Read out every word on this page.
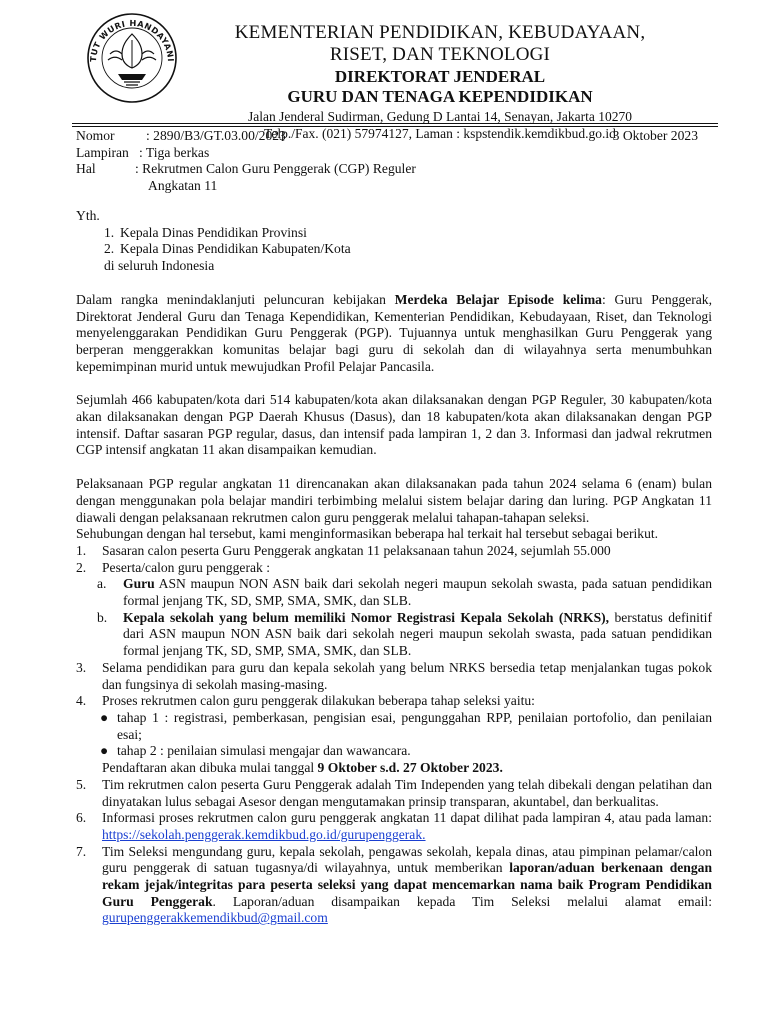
TUT WURI HANDAYANI
KEMENTERIAN PENDIDIKAN, KEBUDAYAAN,
RISET, DAN TEKNOLOGI
DIREKTORAT JENDERAL
GURU DAN TENAGA KEPENDIDIKAN
Jalan Jenderal Sudirman, Gedung D Lantai 14, Senayan, Jakarta 10270
Telp./Fax. (021) 57974127, Laman : kspstendik.kemdikbud.go.id
Nomor	: 2890/B3/GT.03.00/2023	3 Oktober 2023
Lampiran : Tiga berkas
Hal	: Rekrutmen Calon Guru Penggerak (CGP) Reguler
Angkatan 11
Yth.
1. Kepala Dinas Pendidikan Provinsi
2. Kepala Dinas Pendidikan Kabupaten/Kota
di seluruh Indonesia

Dalam rangka menindaklanjuti peluncuran kebijakan Merdeka Belajar Episode kelima: Guru Penggerak, Direktorat Jenderal Guru dan Tenaga Kependidikan, Kementerian Pendidikan, Kebudayaan, Riset, dan Teknologi menyelenggarakan Pendidikan Guru Penggerak (PGP). Tujuannya untuk menghasilkan Guru Penggerak yang berperan menggerakkan komunitas belajar bagi guru di sekolah dan di wilayahnya serta menumbuhkan kepemimpinan murid untuk mewujudkan Profil Pelajar Pancasila.

Sejumlah 466 kabupaten/kota dari 514 kabupaten/kota akan dilaksanakan dengan PGP Reguler, 30 kabupaten/kota akan dilaksanakan dengan PGP Daerah Khusus (Dasus), dan 18 kabupaten/kota akan dilaksanakan dengan PGP intensif. Daftar sasaran PGP regular, dasus, dan intensif pada lampiran 1, 2 dan 3. Informasi dan jadwal rekrutmen CGP intensif angkatan 11 akan disampaikan kemudian.

Pelaksanaan PGP regular angkatan 11 direncanakan akan dilaksanakan pada tahun 2024 selama 6 (enam) bulan dengan menggunakan pola belajar mandiri terbimbing melalui sistem belajar daring dan luring. PGP Angkatan 11 diawali dengan pelaksanaan rekrutmen calon guru penggerak melalui tahapan-tahapan seleksi.

Sehubungan dengan hal tersebut, kami menginformasikan beberapa hal terkait hal tersebut sebagai berikut.

1.	Sasaran calon peserta Guru Penggerak angkatan 11 pelaksanaan tahun 2024, sejumlah 55.000
2.	Peserta/calon guru penggerak :
a.	Guru ASN maupun NON ASN baik dari sekolah negeri maupun sekolah swasta, pada satuan pendidikan formal jenjang TK, SD, SMP, SMA, SMK, dan SLB.
b.	Kepala sekolah yang belum memiliki Nomor Registrasi Kepala Sekolah (NRKS), berstatus definitif dari ASN maupun NON ASN baik dari sekolah negeri maupun sekolah swasta, pada satuan pendidikan formal jenjang TK, SD, SMP, SMA, SMK, dan SLB.
3.	Selama pendidikan para guru dan kepala sekolah yang belum NRKS bersedia tetap menjalankan tugas pokok dan fungsinya di sekolah masing-masing.
4.	Proses rekrutmen calon guru penggerak dilakukan beberapa tahap seleksi yaitu:
● tahap 1 : registrasi, pemberkasan, pengisian esai, pengunggahan RPP, penilaian portofolio, dan penilaian esai;
● tahap 2 : penilaian simulasi mengajar dan wawancara.
Pendaftaran akan dibuka mulai tanggal 9 Oktober s.d. 27 Oktober 2023.
5.	Tim rekrutmen calon peserta Guru Penggerak adalah Tim Independen yang telah dibekali dengan pelatihan dan dinyatakan lulus sebagai Asesor dengan mengutamakan prinsip transparan, akuntabel, dan berkualitas.
6.	Informasi proses rekrutmen calon guru penggerak angkatan 11 dapat dilihat pada lampiran 4, atau pada laman: https://sekolah.penggerak.kemdikbud.go.id/gurupenggerak.
7.	Tim Seleksi mengundang guru, kepala sekolah, pengawas sekolah, kepala dinas, atau pimpinan pelamar/calon guru penggerak di satuan tugasnya/di wilayahnya, untuk memberikan laporan/aduan berkenaan dengan rekam jejak/integritas para peserta seleksi yang dapat mencemarkan nama baik Program Pendidikan Guru Penggerak. Laporan/aduan disampaikan kepada Tim Seleksi melalui alamat email: gurupenggerakkemendikbud@gmail.com
